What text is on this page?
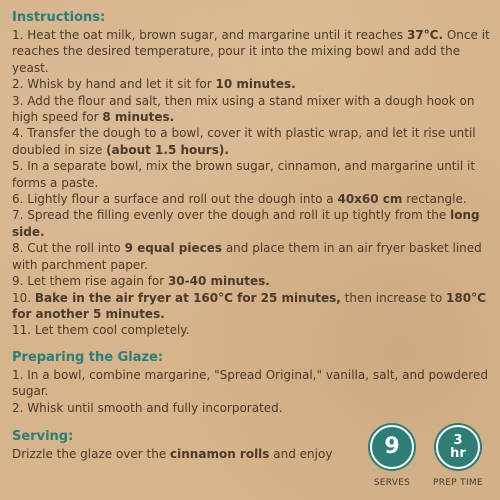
Instructions:

1. Heat the oat milk, brown sugar, and margarine until it reaches 37°C. Once it reaches the desired temperature, pour it into the mixing bowl and add the yeast.

2. Whisk by hand and let it sit for 10 minutes.

3. Add the flour and salt, then mix using a stand mixer with a dough hook on high speed for 8 minutes.

4. Transfer the dough to a bowl, cover it with plastic wrap, and let it rise until doubled in size (about 1.5 hours).

5. In a separate bowl, mix the brown sugar, cinnamon, and margarine until it forms a paste.

6. Lightly flour a surface and roll out the dough into a 40x60 cm rectangle.

7. Spread the filling evenly over the dough and roll it up tightly from the long side.

8. Cut the roll into 9 equal pieces and place them in an air fryer basket lined with parchment paper.

9. Let them rise again for 30-40 minutes.

10. Bake in the air fryer at 160°C for 25 minutes, then increase to 180°C for another 5 minutes.

11. Let them cool completely.

Preparing the Glaze:

1. In a bowl, combine margarine, "Spread Original," vanilla, salt, and powdered sugar.

2. Whisk until smooth and fully incorporated.

Serving:

Drizzle the glaze over the cinnamon rolls and enjoy	9
SERVES
3
hr
PREP TIME
